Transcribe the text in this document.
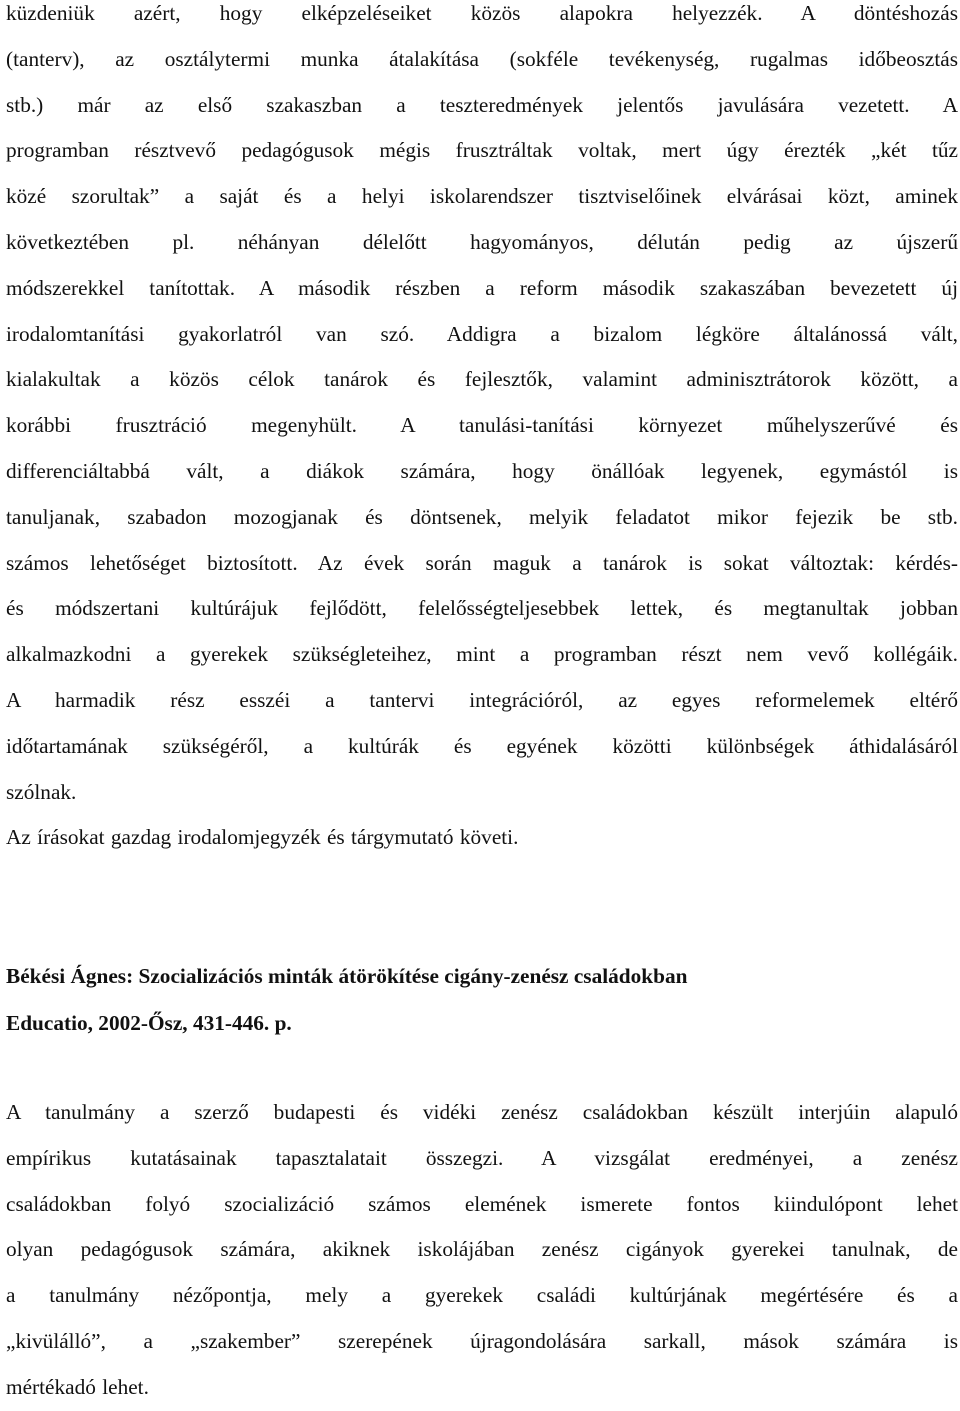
küzdeniük azért, hogy elképzeléseiket közös alapokra helyezzék. A döntéshozás
(tanterv), az osztálytermi munka átalakítása (sokféle tevékenység, rugalmas időbeosztás
stb.) már az első szakaszban a teszteredmények jelentős javulására vezetett. A
programban résztvevő pedagógusok mégis frusztráltak voltak, mert úgy érezték „két tűz
közé szorultak” a saját és a helyi iskolarendszer tisztviselőinek elvárásai közt, aminek
következtében pl. néhányan délelőtt hagyományos, délután pedig az újszerű
módszerekkel tanítottak. A második részben a reform második szakaszában bevezetett új
irodalomtanítási gyakorlatról van szó. Addigra a bizalom légköre általánossá vált,
kialakultak a közös célok tanárok és fejlesztők, valamint adminisztrátorok között, a
korábbi frusztráció megenyhült. A tanulási-tanítási környezet műhelyszerűvé és
differenciáltabbá vált, a diákok számára, hogy önállóak legyenek, egymástól is
tanuljanak, szabadon mozogjanak és döntsenek, melyik feladatot mikor fejezik be stb.
számos lehetőséget biztosított. Az évek során maguk a tanárok is sokat változtak: kérdés-
és módszertani kultúrájuk fejlődött, felelősségteljesebbek lettek, és megtanultak jobban
alkalmazkodni a gyerekek szükségleteihez, mint a programban részt nem vevő kollégáik.
A harmadik rész esszéi a tantervi integrációról, az egyes reformelemek eltérő
időtartamának szükségéről, a kultúrák és egyének közötti különbségek áthidalásáról
szólnak.
Az írásokat gazdag irodalomjegyzék és tárgymutató követi.
Békési Ágnes: Szocializációs minták átörökítése cigány-zenész családokban
Educatio, 2002-Ősz, 431-446. p.
A tanulmány a szerző budapesti és vidéki zenész családokban készült interjúin alapuló
empírikus kutatásainak tapasztalatait összegzi. A vizsgálat eredményei, a zenész
családokban folyó szocializáció számos elemének ismerete fontos kiindulópont lehet
olyan pedagógusok számára, akiknek iskolájában zenész cigányok gyerekei tanulnak, de
a tanulmány nézőpontja, mely a gyerekek családi kultúrjának megértésére és a
„kivülálló”, a „szakember” szerepének újragondolására sarkall, mások számára is
mértékadó lehet.
